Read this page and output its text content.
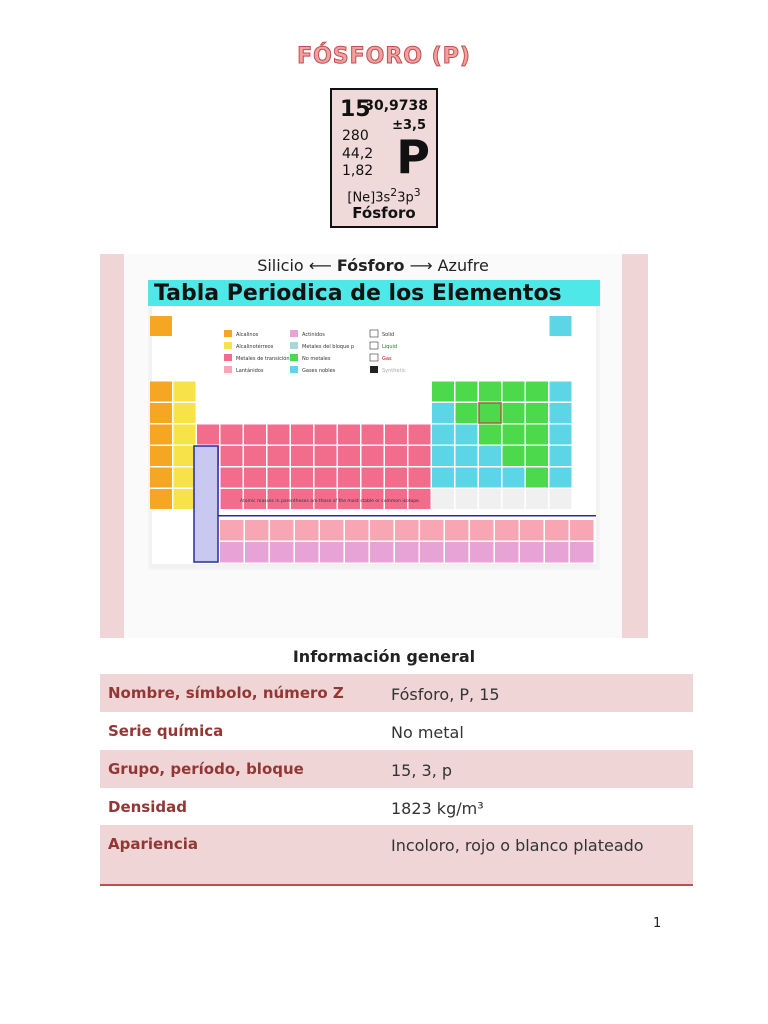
FÓSFORO (P)
15
30,9738
±3,5
280
44,2
1,82 P
$[Ne]3s^23p^3$
Fósforo
Silicio ⟵ Fósforo ⟶ Azufre
Tabla Periodica de los Elementos
Alcalinos
Alcalinotérreos
Metales de transición
Lantánidos
Actínidos
Metales del bloque p
No metales
Gases nobles
Solid
Liquid
Gas
Synthetic
Atomic masses in parentheses are those of the most stable or common isotope.
Información general
Nombre, símbolo, número Z	Fósforo, P, 15
Serie química	No metal
Grupo, período, bloque	15, 3, p
Densidad	1823 kg/m³
Apariencia	Incoloro, rojo o blanco plateado
1
